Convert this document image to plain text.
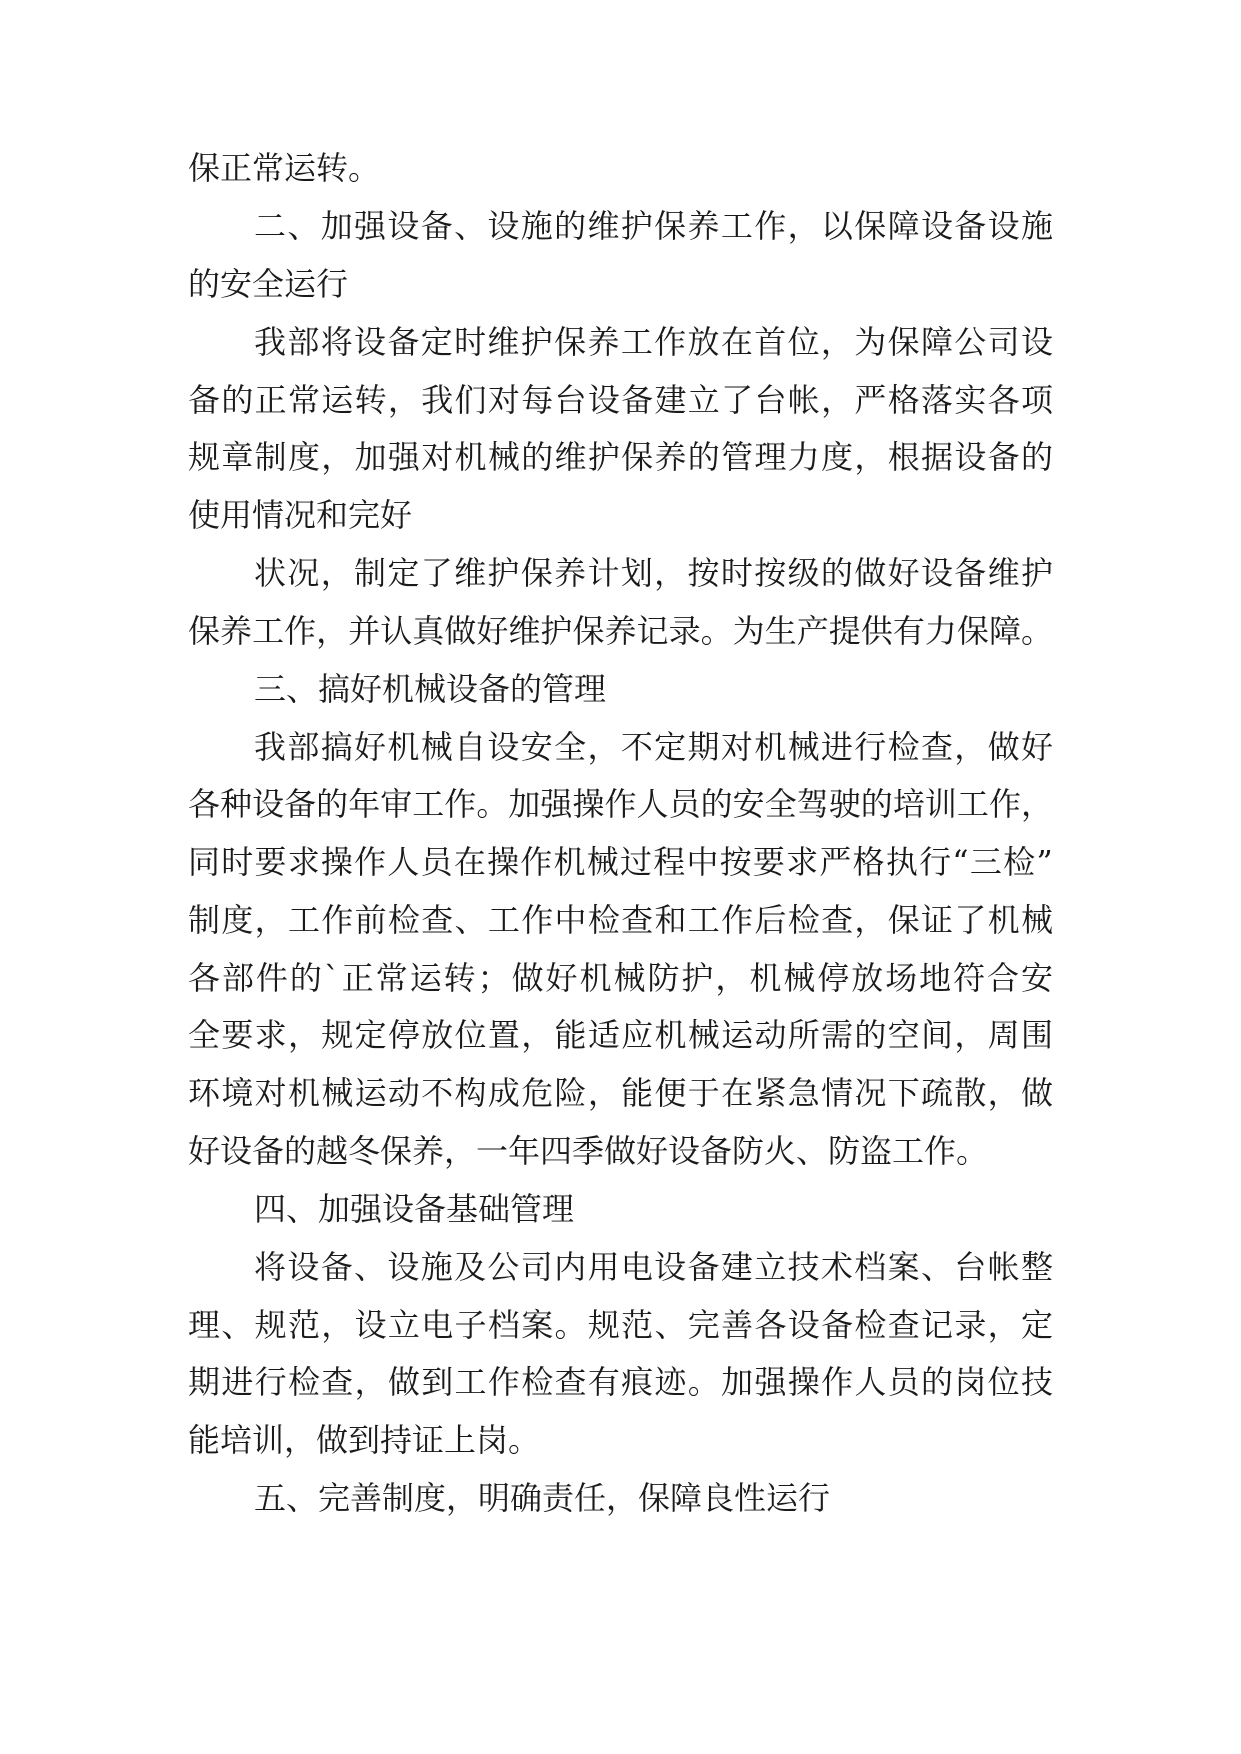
保正常运转。
二、加强设备、设施的维护保养工作，以保障设备设施
的安全运行
我部将设备定时维护保养工作放在首位，为保障公司设
备的正常运转，我们对每台设备建立了台帐，严格落实各项
规章制度，加强对机械的维护保养的管理力度，根据设备的
使用情况和完好
状况，制定了维护保养计划，按时按级的做好设备维护
保养工作，并认真做好维护保养记录。为生产提供有力保障。
三、搞好机械设备的管理
我部搞好机械自设安全，不定期对机械进行检查，做好
各种设备的年审工作。加强操作人员的安全驾驶的培训工作，
同时要求操作人员在操作机械过程中按要求严格执行“三检”
制度，工作前检查、工作中检查和工作后检查，保证了机械
各部件的`正常运转；做好机械防护，机械停放场地符合安
全要求，规定停放位置，能适应机械运动所需的空间，周围
环境对机械运动不构成危险，能便于在紧急情况下疏散，做
好设备的越冬保养，一年四季做好设备防火、防盗工作。
四、加强设备基础管理
将设备、设施及公司内用电设备建立技术档案、台帐整
理、规范，设立电子档案。规范、完善各设备检查记录，定
期进行检查，做到工作检查有痕迹。加强操作人员的岗位技
能培训，做到持证上岗。
五、完善制度，明确责任，保障良性运行
